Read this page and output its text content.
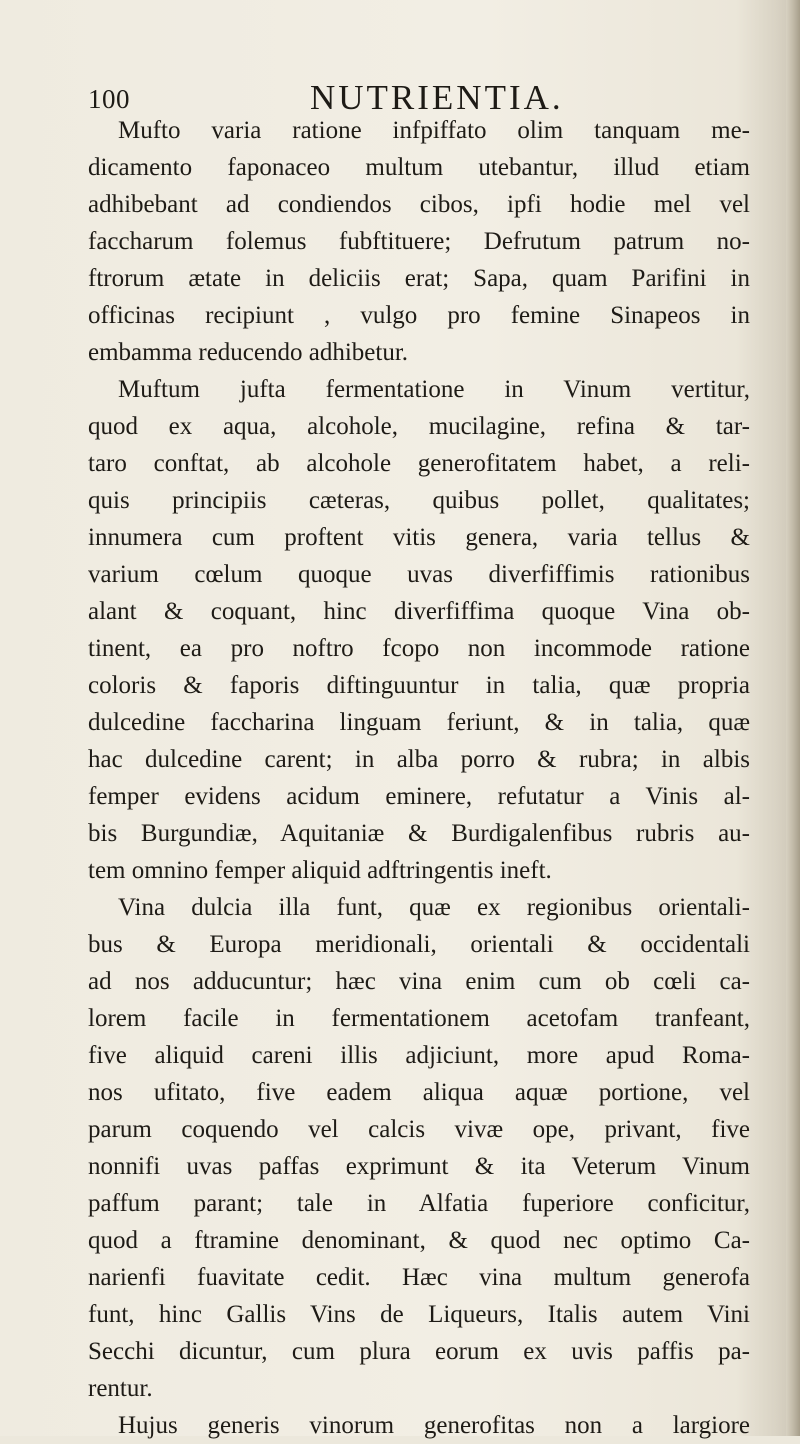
100	NUTRIENTIA.
Mufto varia ratione infpiffato olim tanquam me-
dicamento faponaceo multum utebantur, illud etiam
adhibebant ad condiendos cibos, ipfi hodie mel vel
faccharum folemus fubftituere; Defrutum patrum no-
ftrorum ætate in deliciis erat; Sapa, quam Parifini in
officinas recipiunt , vulgo pro femine Sinapeos in
embamma reducendo adhibetur.
Muftum jufta fermentatione in Vinum vertitur,
quod ex aqua, alcohole, mucilagine, refina & tar-
taro conftat, ab alcohole generofitatem habet, a reli-
quis principiis cæteras, quibus pollet, qualitates;
innumera cum proftent vitis genera, varia tellus &
varium cœlum quoque uvas diverfiffimis rationibus
alant & coquant, hinc diverfiffima quoque Vina ob-
tinent, ea pro noftro fcopo non incommode ratione
coloris & faporis diftinguuntur in talia, quæ propria
dulcedine faccharina linguam feriunt, & in talia, quæ
hac dulcedine carent; in alba porro & rubra; in albis
femper evidens acidum eminere, refutatur a Vinis al-
bis Burgundiæ, Aquitaniæ & Burdigalenfibus rubris au-
tem omnino femper aliquid adftringentis ineft.
Vina dulcia illa funt, quæ ex regionibus orientali-
bus & Europa meridionali, orientali & occidentali
ad nos adducuntur; hæc vina enim cum ob cœli ca-
lorem facile in fermentationem acetofam tranfeant,
five aliquid careni illis adjiciunt, more apud Roma-
nos ufitato, five eadem aliqua aquæ portione, vel
parum coquendo vel calcis vivæ ope, privant, five
nonnifi uvas paffas exprimunt & ita Veterum Vinum
paffum parant; tale in Alfatia fuperiore conficitur,
quod a ftramine denominant, & quod nec optimo Ca-
narienfi fuavitate cedit. Hæc vina multum generofa
funt, hinc Gallis Vins de Liqueurs, Italis autem Vini
Secchi dicuntur, cum plura eorum ex uvis paffis pa-
rentur.
Hujus generis vinorum generofitas non a largiore
